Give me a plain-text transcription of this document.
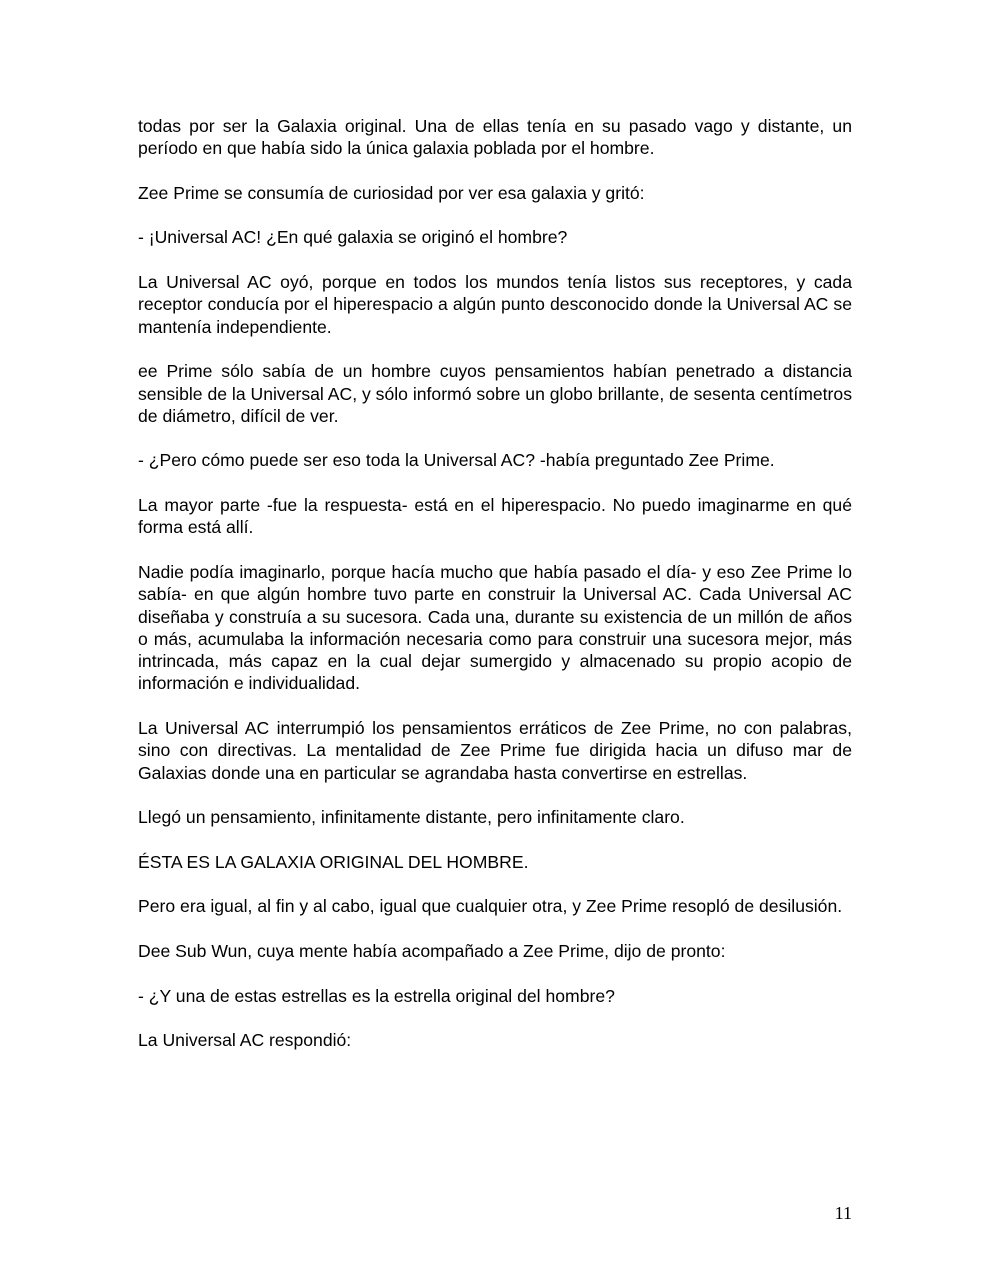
todas por ser la Galaxia original. Una de ellas tenía en su pasado vago y distante, un período en que había sido la única galaxia poblada por el hombre.

Zee Prime se consumía de curiosidad por ver esa galaxia y gritó:

- ¡Universal AC! ¿En qué galaxia se originó el hombre?

La Universal AC oyó, porque en todos los mundos tenía listos sus receptores, y cada receptor conducía por el hiperespacio a algún punto desconocido donde la Universal AC se mantenía independiente.

ee Prime sólo sabía de un hombre cuyos pensamientos habían penetrado a distancia sensible de la Universal AC, y sólo informó sobre un globo brillante, de sesenta centímetros de diámetro, difícil de ver.

- ¿Pero cómo puede ser eso toda la Universal AC? -había preguntado Zee Prime.

La mayor parte -fue la respuesta- está en el hiperespacio. No puedo imaginarme en qué forma está allí.

Nadie podía imaginarlo, porque hacía mucho que había pasado el día- y eso Zee Prime lo sabía- en que algún hombre tuvo parte en construir la Universal AC. Cada Universal AC diseñaba y construía a su sucesora. Cada una, durante su existencia de un millón de años o más, acumulaba la información necesaria como para construir una sucesora mejor, más intrincada, más capaz en la cual dejar sumergido y almacenado su propio acopio de información e individualidad.

La Universal AC interrumpió los pensamientos erráticos de Zee Prime, no con palabras, sino con directivas. La mentalidad de Zee Prime fue dirigida hacia un difuso mar de Galaxias donde una en particular se agrandaba hasta convertirse en estrellas.

Llegó un pensamiento, infinitamente distante, pero infinitamente claro.

ÉSTA ES LA GALAXIA ORIGINAL DEL HOMBRE.

Pero era igual, al fin y al cabo, igual que cualquier otra, y Zee Prime resopló de desilusión.

Dee Sub Wun, cuya mente había acompañado a Zee Prime, dijo de pronto:

- ¿Y una de estas estrellas es la estrella original del hombre?

La Universal AC respondió:

11
